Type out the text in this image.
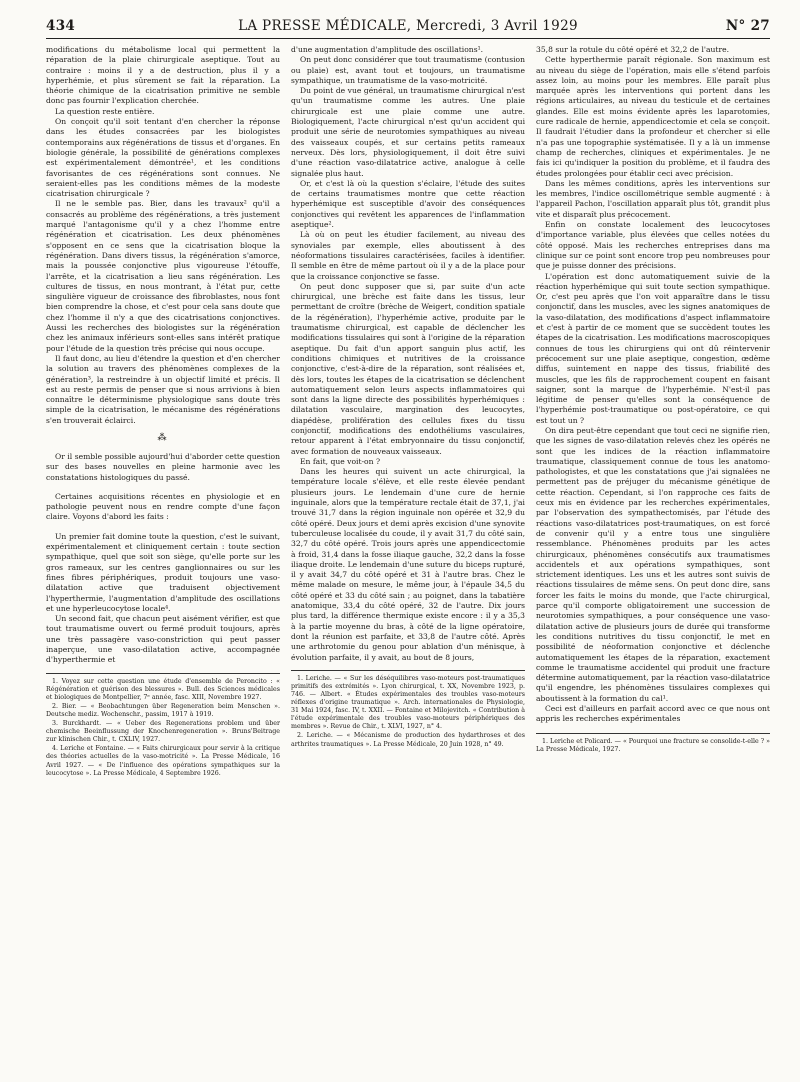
434	LA PRESSE MÉDICALE, Mercredi, 3 Avril 1929	N° 27

modifications du métabolisme local qui permettent la réparation de la plaie chirurgicale aseptique. Tout au contraire : moins il y a de destruction, plus il y a hyperhémie, et plus sûrement se fait la réparation. La théorie chimique de la cicatrisation primitive ne semble donc pas fournir l'explication cherchée.

La question reste entière.

On conçoit qu'il soit tentant d'en chercher la réponse dans les études consacrées par les biologistes contemporains aux régénérations de tissus et d'organes. En biologie générale, la possibilité de générations complexes est expérimentalement démontrée¹, et les conditions favorisantes de ces régénérations sont connues. Ne seraient-elles pas les conditions mêmes de la modeste cicatrisation chirurgicale ?

Il ne le semble pas. Bier, dans les travaux² qu'il a consacrés au problème des régénérations, a très justement marqué l'antagonisme qu'il y a chez l'homme entre régénération et cicatrisation. Les deux phénomènes s'opposent en ce sens que la cicatrisation bloque la régénération. Dans divers tissus, la régénération s'amorce, mais la poussée conjonctive plus vigoureuse l'étouffe, l'arrête, et la cicatrisation a lieu sans régénération. Les cultures de tissus, en nous montrant, à l'état pur, cette singulière vigueur de croissance des fibroblastes, nous font bien comprendre la chose, et c'est pour cela sans doute que chez l'homme il n'y a que des cicatrisations conjonctives. Aussi les recherches des biologistes sur la régénération chez les animaux inférieurs sont-elles sans intérêt pratique pour l'étude de la question très précise qui nous occupe.

Il faut donc, au lieu d'étendre la question et d'en chercher la solution au travers des phénomènes complexes de la génération³, la restreindre à un objectif limité et précis. Il est au reste permis de penser que si nous arrivions à bien connaître le déterminisme physiologique sans doute très simple de la cicatrisation, le mécanisme des régénérations s'en trouverait éclairci.

⁂

Or il semble possible aujourd'hui d'aborder cette question sur des bases nouvelles en pleine harmonie avec les constatations histologiques du passé.

Certaines acquisitions récentes en physiologie et en pathologie peuvent nous en rendre compte d'une façon claire. Voyons d'abord les faits :

Un premier fait domine toute la question, c'est le suivant, expérimentalement et cliniquement certain : toute section sympathique, quel que soit son siège, qu'elle porte sur les gros rameaux, sur les centres ganglionnaires ou sur les fines fibres périphériques, produit toujours une vaso-dilatation active que traduisent objectivement l'hyperthermie, l'augmentation d'amplitude des oscillations et une hyperleucocytose locale⁴.

Un second fait, que chacun peut aisément vérifier, est que tout traumatisme ouvert ou fermé produit toujours, après une très passagère vaso-constriction qui peut passer inaperçue, une vaso-dilatation active, accompagnée d'hyperthermie et

1. Voyez sur cette question une étude d'ensemble de Peroncito : « Régénération et guérison des blessures ». Bull. des Sciences médicales et biologiques de Montpellier, 7ᵉ année, fasc. XIII, Novembre 1927.

2. Bier. — « Beobachtungen über Regeneration beim Menschen ». Deutsche mediz. Wochenschr., passim, 1917 à 1919.

3. Burckhardt. — « Ueber des Regenerations problem und über chemische Beeinflussung der Knochenregeneration ». Bruns'Beitrage zur klinischen Chir., t. CXLIV, 1927.

4. Leriche et Fontaine. — « Faits chirurgicaux pour servir à la critique des théories actuelles de la vaso-motricité ». La Presse Médicale, 16 Avril 1927. — « De l'influence des opérations sympathiques sur la leucocytose ». La Presse Médicale, 4 Septembre 1926.

d'une augmentation d'amplitude des oscillations¹.

On peut donc considérer que tout traumatisme (contusion ou plaie) est, avant tout et toujours, un traumatisme sympathique, un traumatisme de la vaso-motricité.

Du point de vue général, un traumatisme chirurgical n'est qu'un traumatisme comme les autres. Une plaie chirurgicale est une plaie comme une autre. Biologiquement, l'acte chirurgical n'est qu'un accident qui produit une série de neurotomies sympathiques au niveau des vaisseaux coupés, et sur certains petits rameaux nerveux. Dès lors, physiologiquement, il doit être suivi d'une réaction vaso-dilatatrice active, analogue à celle signalée plus haut.

Or, et c'est là où la question s'éclaire, l'étude des suites de certains traumatismes montre que cette réaction hyperhémique est susceptible d'avoir des conséquences conjonctives qui revêtent les apparences de l'inflammation aseptique².

Là où on peut les étudier facilement, au niveau des synoviales par exemple, elles aboutissent à des néoformations tissulaires caractérisées, faciles à identifier. Il semble en être de même partout où il y a de la place pour que la croissance conjonctive se fasse.

On peut donc supposer que si, par suite d'un acte chirurgical, une brèche est faite dans les tissus, leur permettant de croître (brèche de Weigert, condition spatiale de la régénération), l'hyperhémie active, produite par le traumatisme chirurgical, est capable de déclencher les modifications tissulaires qui sont à l'origine de la réparation aseptique. Du fait d'un apport sanguin plus actif, les conditions chimiques et nutritives de la croissance conjonctive, c'est-à-dire de la réparation, sont réalisées et, dès lors, toutes les étapes de la cicatrisation se déclenchent automatiquement selon leurs aspects inflammatoires qui sont dans la ligne directe des possibilités hyperhémiques : dilatation vasculaire, margination des leucocytes, diapédèse, prolifération des cellules fixes du tissu conjonctif, modifications des endothéliums vasculaires, retour apparent à l'état embryonnaire du tissu conjonctif, avec formation de nouveaux vaisseaux.

En fait, que voit-on ?

Dans les heures qui suivent un acte chirurgical, la température locale s'élève, et elle reste élevée pendant plusieurs jours. Le lendemain d'une cure de hernie inguinale, alors que la température rectale était de 37,1, j'ai trouvé 31,7 dans la région inguinale non opérée et 32,9 du côté opéré. Deux jours et demi après excision d'une synovite tuberculeuse localisée du coude, il y avait 31,7 du côté sain, 32,7 du côté opéré. Trois jours après une appendicectomie à froid, 31,4 dans la fosse iliaque gauche, 32,2 dans la fosse iliaque droite. Le lendemain d'une suture du biceps rupturé, il y avait 34,7 du côté opéré et 31 à l'autre bras. Chez le même malade on mesure, le même jour, à l'épaule 34,5 du côté opéré et 33 du côté sain ; au poignet, dans la tabatière anatomique, 33,4 du côté opéré, 32 de l'autre. Dix jours plus tard, la différence thermique existe encore : il y a 35,3 à la partie moyenne du bras, à côté de la ligne opératoire, dont la réunion est parfaite, et 33,8 de l'autre côté. Après une arthrotomie du genou pour ablation d'un ménisque, à évolution parfaite, il y avait, au bout de 8 jours,

1. Leriche. — « Sur les déséquilibres vaso-moteurs post-traumatiques primitifs des extrémités ». Lyon chirurgical, t. XX, Novembre 1923, p. 746. — Albert. « Études expérimentales des troubles vaso-moteurs réflexes d'origine traumatique ». Arch. internationales de Physiologie, 31 Mai 1924, fasc. IV, t. XXII. — Fontaine et Milojevitch. « Contribution à l'étude expérimentale des troubles vaso-moteurs périphériques des membres ». Revue de Chir., t. XLVI, 1927, n° 4.

2. Leriche. — « Mécanisme de production des hydarthroses et des arthrites traumatiques ». La Presse Médicale, 20 Juin 1928, n° 49.

35,8 sur la rotule du côté opéré et 32,2 de l'autre.

Cette hyperthermie paraît régionale. Son maximum est au niveau du siège de l'opération, mais elle s'étend parfois assez loin, au moins pour les membres. Elle paraît plus marquée après les interventions qui portent dans les régions articulaires, au niveau du testicule et de certaines glandes. Elle est moins évidente après les laparotomies, cure radicale de hernie, appendicectomie et cela se conçoit. Il faudrait l'étudier dans la profondeur et chercher si elle n'a pas une topographie systématisée. Il y a là un immense champ de recherches, cliniques et expérimentales. Je ne fais ici qu'indiquer la position du problème, et il faudra des études prolongées pour établir ceci avec précision.

Dans les mêmes conditions, après les interventions sur les membres, l'indice oscillométrique semble augmenté : à l'appareil Pachon, l'oscillation apparaît plus tôt, grandit plus vite et disparaît plus précocement.

Enfin on constate localement des leucocytoses d'importance variable, plus élevées que celles notées du côté opposé. Mais les recherches entreprises dans ma clinique sur ce point sont encore trop peu nombreuses pour que je puisse donner des précisions.

L'opération est donc automatiquement suivie de la réaction hyperhémique qui suit toute section sympathique. Or, c'est peu après que l'on voit apparaître dans le tissu conjonctif, dans les muscles, avec les signes anatomiques de la vaso-dilatation, des modifications d'aspect inflammatoire et c'est à partir de ce moment que se succèdent toutes les étapes de la cicatrisation. Les modifications macroscopiques connues de tous les chirurgiens qui ont dû réintervenir précocement sur une plaie aseptique, congestion, œdème diffus, suintement en nappe des tissus, friabilité des muscles, que les fils de rapprochement coupent en faisant saigner, sont la marque de l'hyperhémie. N'est-il pas légitime de penser qu'elles sont la conséquence de l'hyperhémie post-traumatique ou post-opératoire, ce qui est tout un ?

On dira peut-être cependant que tout ceci ne signifie rien, que les signes de vaso-dilatation relevés chez les opérés ne sont que les indices de la réaction inflammatoire traumatique, classiquement connue de tous les anatomo-pathologistes, et que les constatations que j'ai signalées ne permettent pas de préjuger du mécanisme génétique de cette réaction. Cependant, si l'on rapproche ces faits de ceux mis en évidence par les recherches expérimentales, par l'observation des sympathectomisés, par l'étude des réactions vaso-dilatatrices post-traumatiques, on est forcé de convenir qu'il y a entre tous une singulière ressemblance. Phénomènes produits par les actes chirurgicaux, phénomènes consécutifs aux traumatismes accidentels et aux opérations sympathiques, sont strictement identiques. Les uns et les autres sont suivis de réactions tissulaires de même sens. On peut donc dire, sans forcer les faits le moins du monde, que l'acte chirurgical, parce qu'il comporte obligatoirement une succession de neurotomies sympathiques, a pour conséquence une vaso-dilatation active de plusieurs jours de durée qui transforme les conditions nutritives du tissu conjonctif, le met en possibilité de néoformation conjonctive et déclenche automatiquement les étapes de la réparation, exactement comme le traumatisme accidentel qui produit une fracture détermine automatiquement, par la réaction vaso-dilatatrice qu'il engendre, les phénomènes tissulaires complexes qui aboutissent à la formation du cal¹.

Ceci est d'ailleurs en parfait accord avec ce que nous ont appris les recherches expérimentales

1. Leriche et Policard. — « Pourquoi une fracture se consolide-t-elle ? » La Presse Médicale, 1927.
